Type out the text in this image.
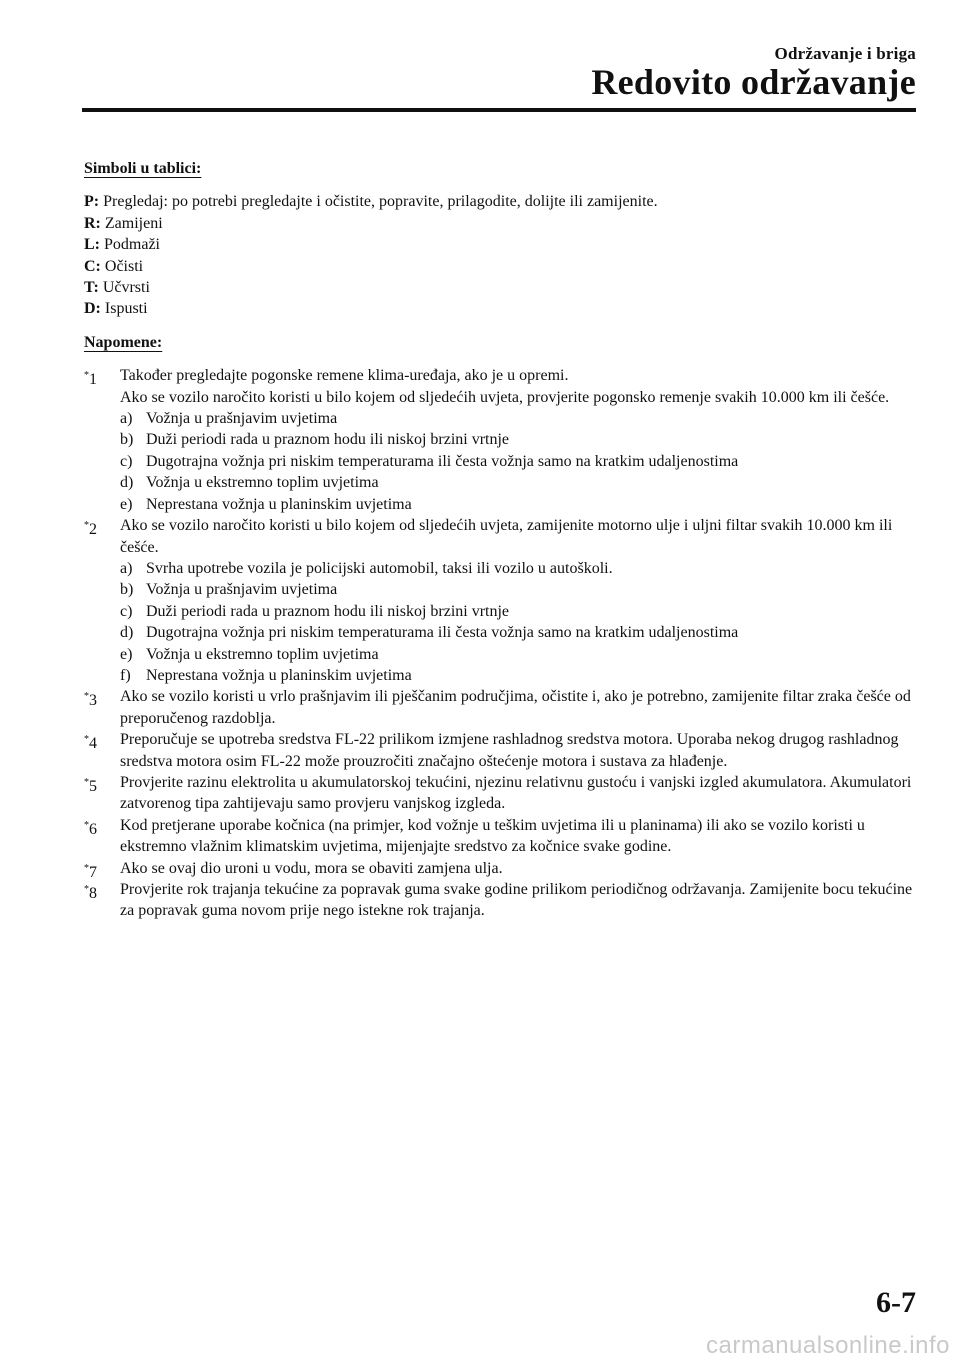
Održavanje i briga
Redovito održavanje
Simboli u tablici:
P: Pregledaj: po potrebi pregledajte i očistite, popravite, prilagodite, dolijte ili zamijenite.
R: Zamijeni
L: Podmaži
C: Očisti
T: Učvrsti
D: Ispusti
Napomene:
*1 Također pregledajte pogonske remene klima-uređaja, ako je u opremi.
Ako se vozilo naročito koristi u bilo kojem od sljedećih uvjeta, provjerite pogonsko remenje svakih 10.000 km ili češće.
a) Vožnja u prašnjavim uvjetima
b) Duži periodi rada u praznom hodu ili niskoj brzini vrtnje
c) Dugotrajna vožnja pri niskim temperaturama ili česta vožnja samo na kratkim udaljenostima
d) Vožnja u ekstremno toplim uvjetima
e) Neprestana vožnja u planinskim uvjetima
*2 Ako se vozilo naročito koristi u bilo kojem od sljedećih uvjeta, zamijenite motorno ulje i uljni filtar svakih 10.000 km ili češće.
a) Svrha upotrebe vozila je policijski automobil, taksi ili vozilo u autoškoli.
b) Vožnja u prašnjavim uvjetima
c) Duži periodi rada u praznom hodu ili niskoj brzini vrtnje
d) Dugotrajna vožnja pri niskim temperaturama ili česta vožnja samo na kratkim udaljenostima
e) Vožnja u ekstremno toplim uvjetima
f) Neprestana vožnja u planinskim uvjetima
*3 Ako se vozilo koristi u vrlo prašnjavim ili pješčanim područjima, očistite i, ako je potrebno, zamijenite filtar zraka češće od preporučenog razdoblja.
*4 Preporučuje se upotreba sredstva FL-22 prilikom izmjene rashladnog sredstva motora. Uporaba nekog drugog rashladnog sredstva motora osim FL-22 može prouzročiti značajno oštećenje motora i sustava za hlađenje.
*5 Provjerite razinu elektrolita u akumulatorskoj tekućini, njezinu relativnu gustoću i vanjski izgled akumulatora. Akumulatori zatvorenog tipa zahtijevaju samo provjeru vanjskog izgleda.
*6 Kod pretjerane uporabe kočnica (na primjer, kod vožnje u teškim uvjetima ili u planinama) ili ako se vozilo koristi u ekstremno vlažnim klimatskim uvjetima, mijenjajte sredstvo za kočnice svake godine.
*7 Ako se ovaj dio uroni u vodu, mora se obaviti zamjena ulja.
*8 Provjerite rok trajanja tekućine za popravak guma svake godine prilikom periodičnog održavanja. Zamijenite bocu tekućine za popravak guma novom prije nego istekne rok trajanja.
6-7
carmanualsonline.info
